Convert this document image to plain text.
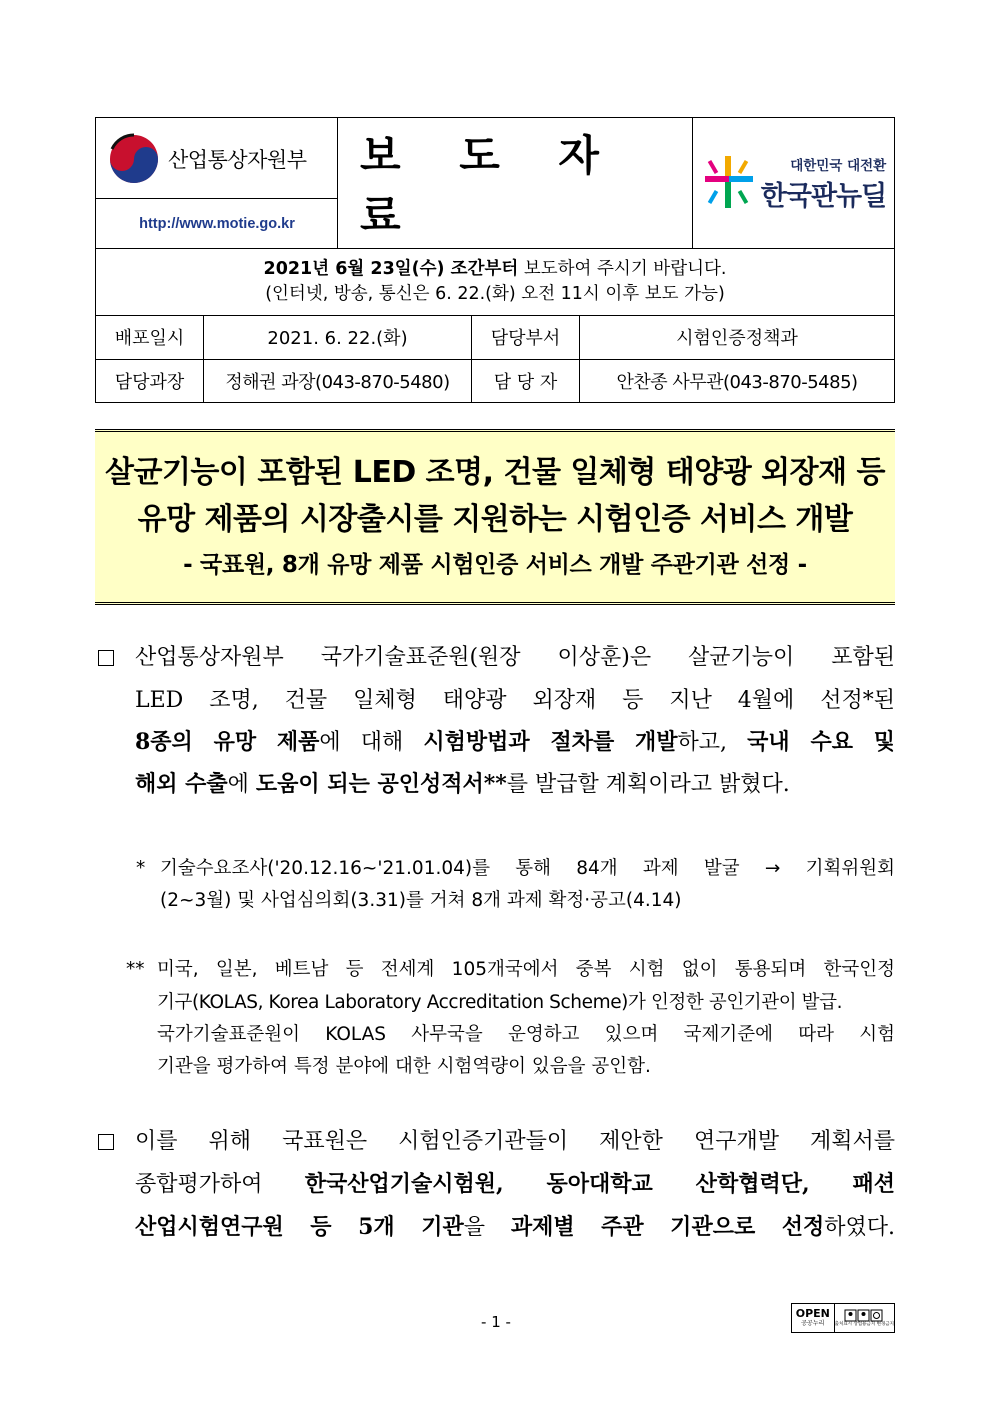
산업통상자원부
http://www.motie.go.kr
보 도 자 료
대한민국 대전환
한국판뉴딜
2021년 6월 23일(수) 조간부터 보도하여 주시기 바랍니다.
(인터넷, 방송, 통신은 6. 22.(화) 오전 11시 이후 보도 가능)
배포일시	2021. 6. 22.(화)	담당부서	시험인증정책과
담당과장	정해권 과장(043-870-5480)	담 당 자	안찬종 사무관(043-870-5485)
살균기능이 포함된 LED 조명, 건물 일체형 태양광 외장재 등
유망 제품의 시장출시를 지원하는 시험인증 서비스 개발
- 국표원, 8개 유망 제품 시험인증 서비스 개발 주관기관 선정 -
산업통상자원부 국가기술표준원(원장 이상훈)은 살균기능이 포함된
LED 조명, 건물 일체형 태양광 외장재 등 지난 4월에 선정*된
8종의 유망 제품에 대해 시험방법과 절차를 개발하고, 국내 수요 및
해외 수출에 도움이 되는 공인성적서**를 발급할 계획이라고 밝혔다.
* 기술수요조사('20.12.16~'21.01.04)를 통해 84개 과제 발굴 → 기획위원회
(2~3월) 및 사업심의회(3.31)를 거쳐 8개 과제 확정·공고(4.14)
** 미국, 일본, 베트남 등 전세계 105개국에서 중복 시험 없이 통용되며 한국인정
기구(KOLAS, Korea Laboratory Accreditation Scheme)가 인정한 공인기관이 발급.
국가기술표준원이 KOLAS 사무국을 운영하고 있으며 국제기준에 따라 시험
기관을 평가하여 특정 분야에 대한 시험역량이 있음을 공인함.
이를 위해 국표원은 시험인증기관들이 제안한 연구개발 계획서를
종합평가하여 한국산업기술시험원, 동아대학교 산학협력단, 패션
산업시험연구원 등 5개 기관을 과제별 주관 기관으로 선정하였다.
- 1 -	OPEN
공공누리 출처표시 상업용금지 변경금지
